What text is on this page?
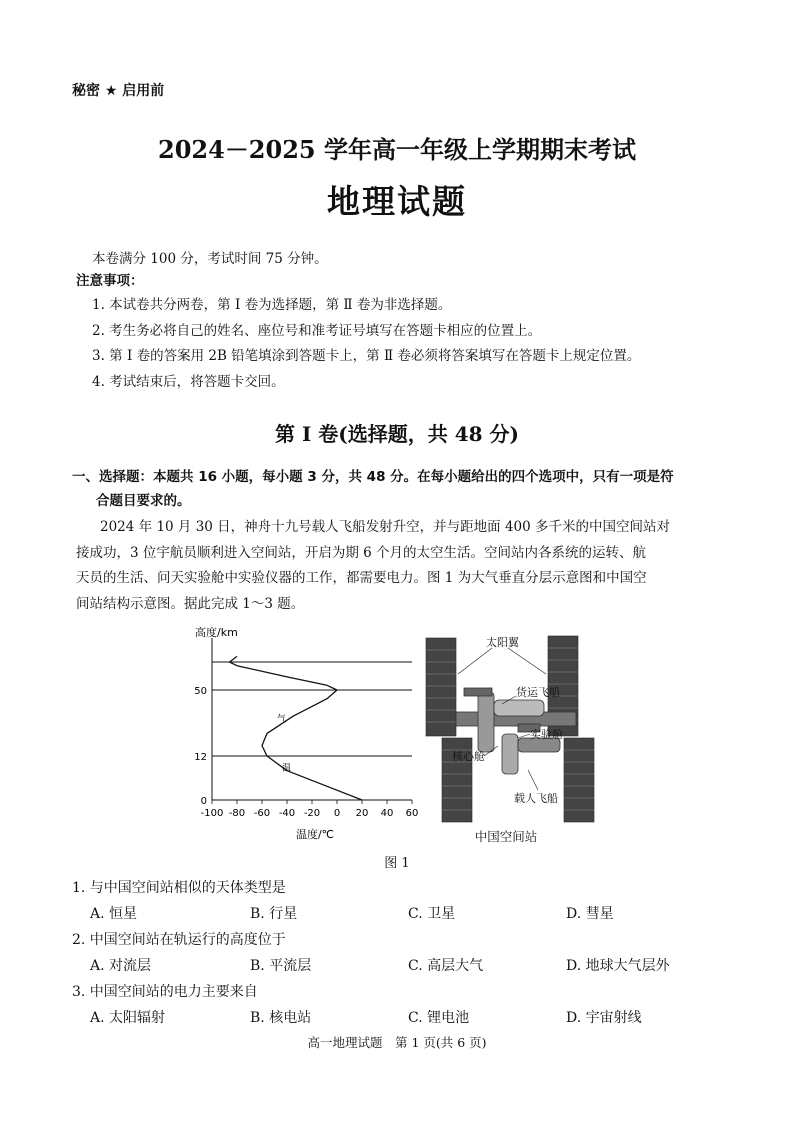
秘密 ★ 启用前
2024－2025 学年高一年级上学期期末考试
地理试题
本卷满分 100 分，考试时间 75 分钟。
注意事项：
1. 本试卷共分两卷，第 Ⅰ 卷为选择题，第 Ⅱ 卷为非选择题。
2. 考生务必将自己的姓名、座位号和准考证号填写在答题卡相应的位置上。
3. 第 Ⅰ 卷的答案用 2B 铅笔填涂到答题卡上，第 Ⅱ 卷必须将答案填写在答题卡上规定位置。
4. 考试结束后，将答题卡交回。
第 Ⅰ 卷(选择题，共 48 分)
一、选择题：本题共 16 小题，每小题 3 分，共 48 分。在每小题给出的四个选项中，只有一项是符
合题目要求的。
2024 年 10 月 30 日，神舟十九号载人飞船发射升空，并与距地面 400 多千米的中国空间站对
接成功，3 位宇航员顺利进入空间站，开启为期 6 个月的太空生活。空间站内各系统的运转、航
天员的生活、问天实验舱中实验仪器的工作，都需要电力。图 1 为大气垂直分层示意图和中国空
间站结构示意图。据此完成 1～3 题。
高度/km
50
12
0
-100 -80 -60 -40 -20 0 20 40 60
气
温
温度/℃
太阳翼
货运飞船
实验舱
核心舱
载人飞船
中国空间站
图 1
1. 与中国空间站相似的天体类型是
A. 恒星	B. 行星	C. 卫星	D. 彗星
2. 中国空间站在轨运行的高度位于
A. 对流层	B. 平流层	C. 高层大气	D. 地球大气层外
3. 中国空间站的电力主要来自
A. 太阳辐射	B. 核电站	C. 锂电池	D. 宇宙射线
高一地理试题　第 1 页(共 6 页)
